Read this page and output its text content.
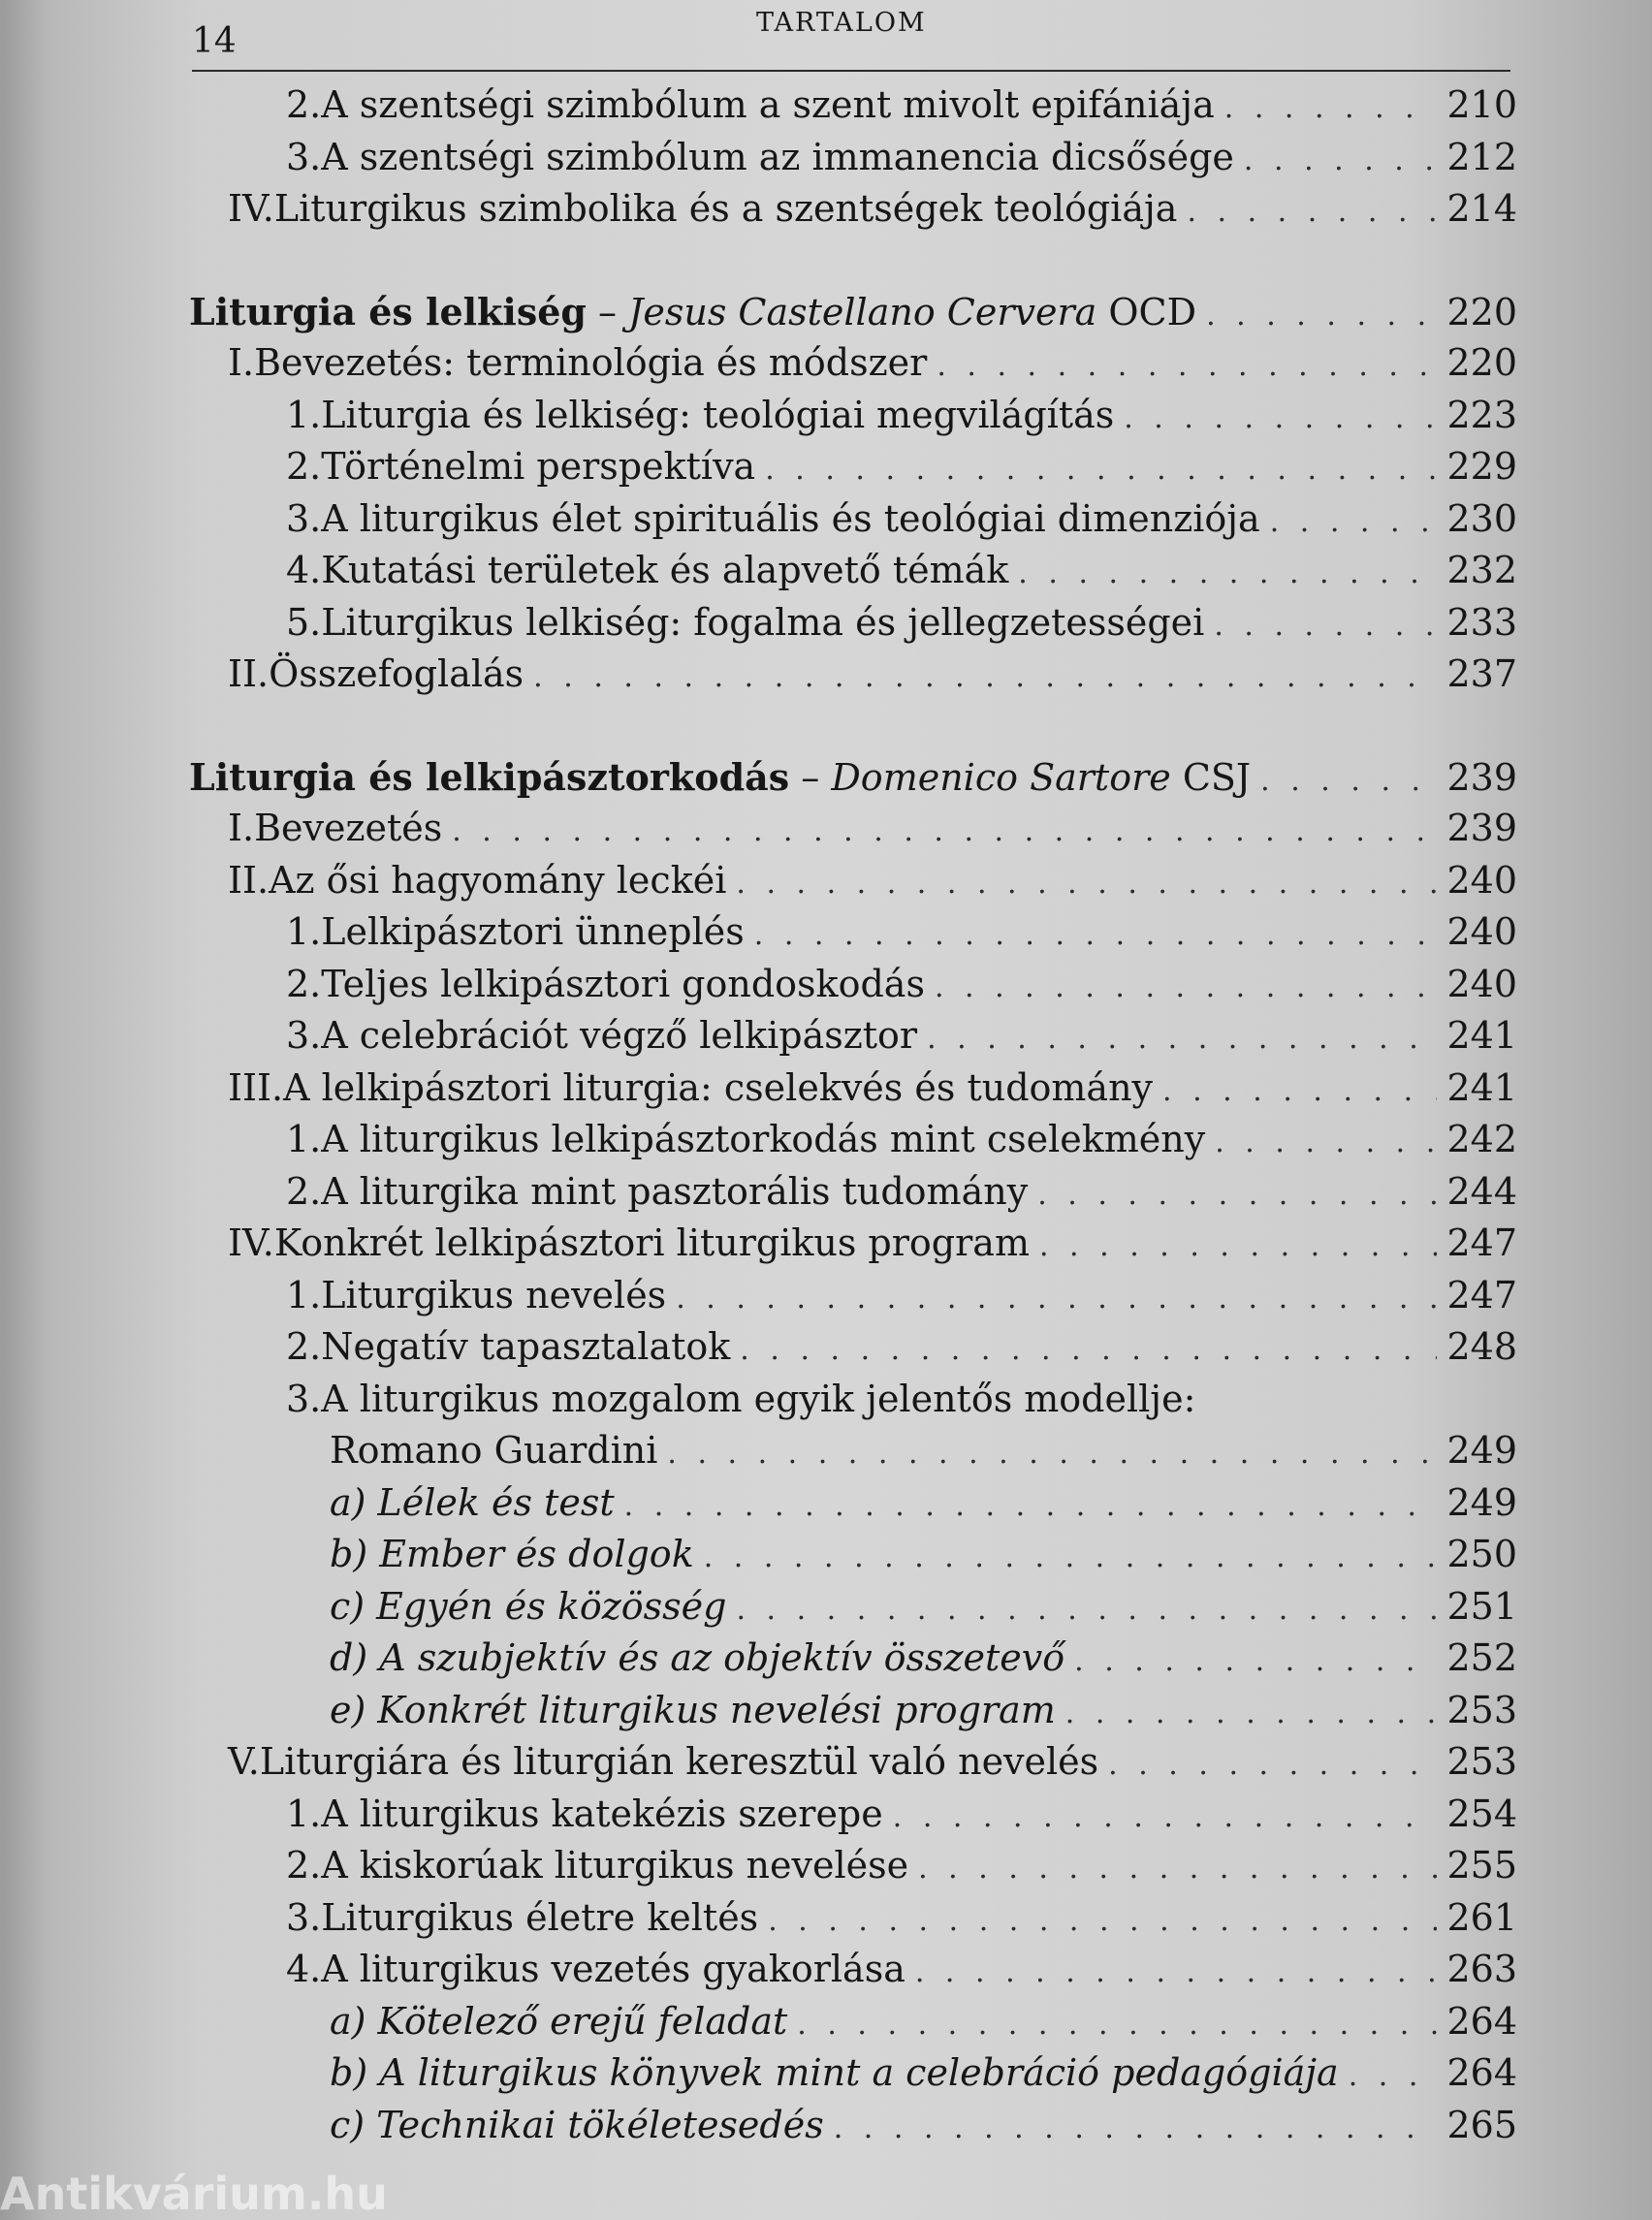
14	TARTALOM
2.A szentségi szimbólum a szent mivolt epifániája . . .	210
3.A szentségi szimbólum az immanencia dicsősége . . .	212
IV.Liturgikus szimbolika és a szentségek teológiája . . .	214
Liturgia és lelkiség – Jesus Castellano Cervera OCD . . .	220
I.Bevezetés: terminológia és módszer . . .	220
1.Liturgia és lelkiség: teológiai megvilágítás . . .	223
2.Történelmi perspektíva . . .	229
3.A liturgikus élet spirituális és teológiai dimenziója . . .	230
4.Kutatási területek és alapvető témák . . .	232
5.Liturgikus lelkiség: fogalma és jellegzetességei . . .	233
II.Összefoglalás . . .	237
Liturgia és lelkipásztorkodás – Domenico Sartore CSJ . . .	239
I.Bevezetés . . .	239
II.Az ősi hagyomány leckéi . . .	240
1.Lelkipásztori ünneplés . . .	240
2.Teljes lelkipásztori gondoskodás . . .	240
3.A celebrációt végző lelkipásztor . . .	241
III.A lelkipásztori liturgia: cselekvés és tudomány . . .	241
1.A liturgikus lelkipásztorkodás mint cselekmény . . .	242
2.A liturgika mint pasztorális tudomány . . .	244
IV.Konkrét lelkipásztori liturgikus program . . .	247
1.Liturgikus nevelés . . .	247
2.Negatív tapasztalatok . . .	248
3.A liturgikus mozgalom egyik jelentős modellje:
Romano Guardini . . .	249
a) Lélek és test . . .	249
b) Ember és dolgok . . .	250
c) Egyén és közösség . . .	251
d) A szubjektív és az objektív összetevő . . .	252
e) Konkrét liturgikus nevelési program . . .	253
V.Liturgiára és liturgián keresztül való nevelés . . .	253
1.A liturgikus katekézis szerepe . . .	254
2.A kiskorúak liturgikus nevelése . . .	255
3.Liturgikus életre keltés . . .	261
4.A liturgikus vezetés gyakorlása . . .	263
a) Kötelező erejű feladat . . .	264
b) A liturgikus könyvek mint a celebráció pedagógiája . . .	264
c) Technikai tökéletesedés . . .	265
Antikvárium.hu
